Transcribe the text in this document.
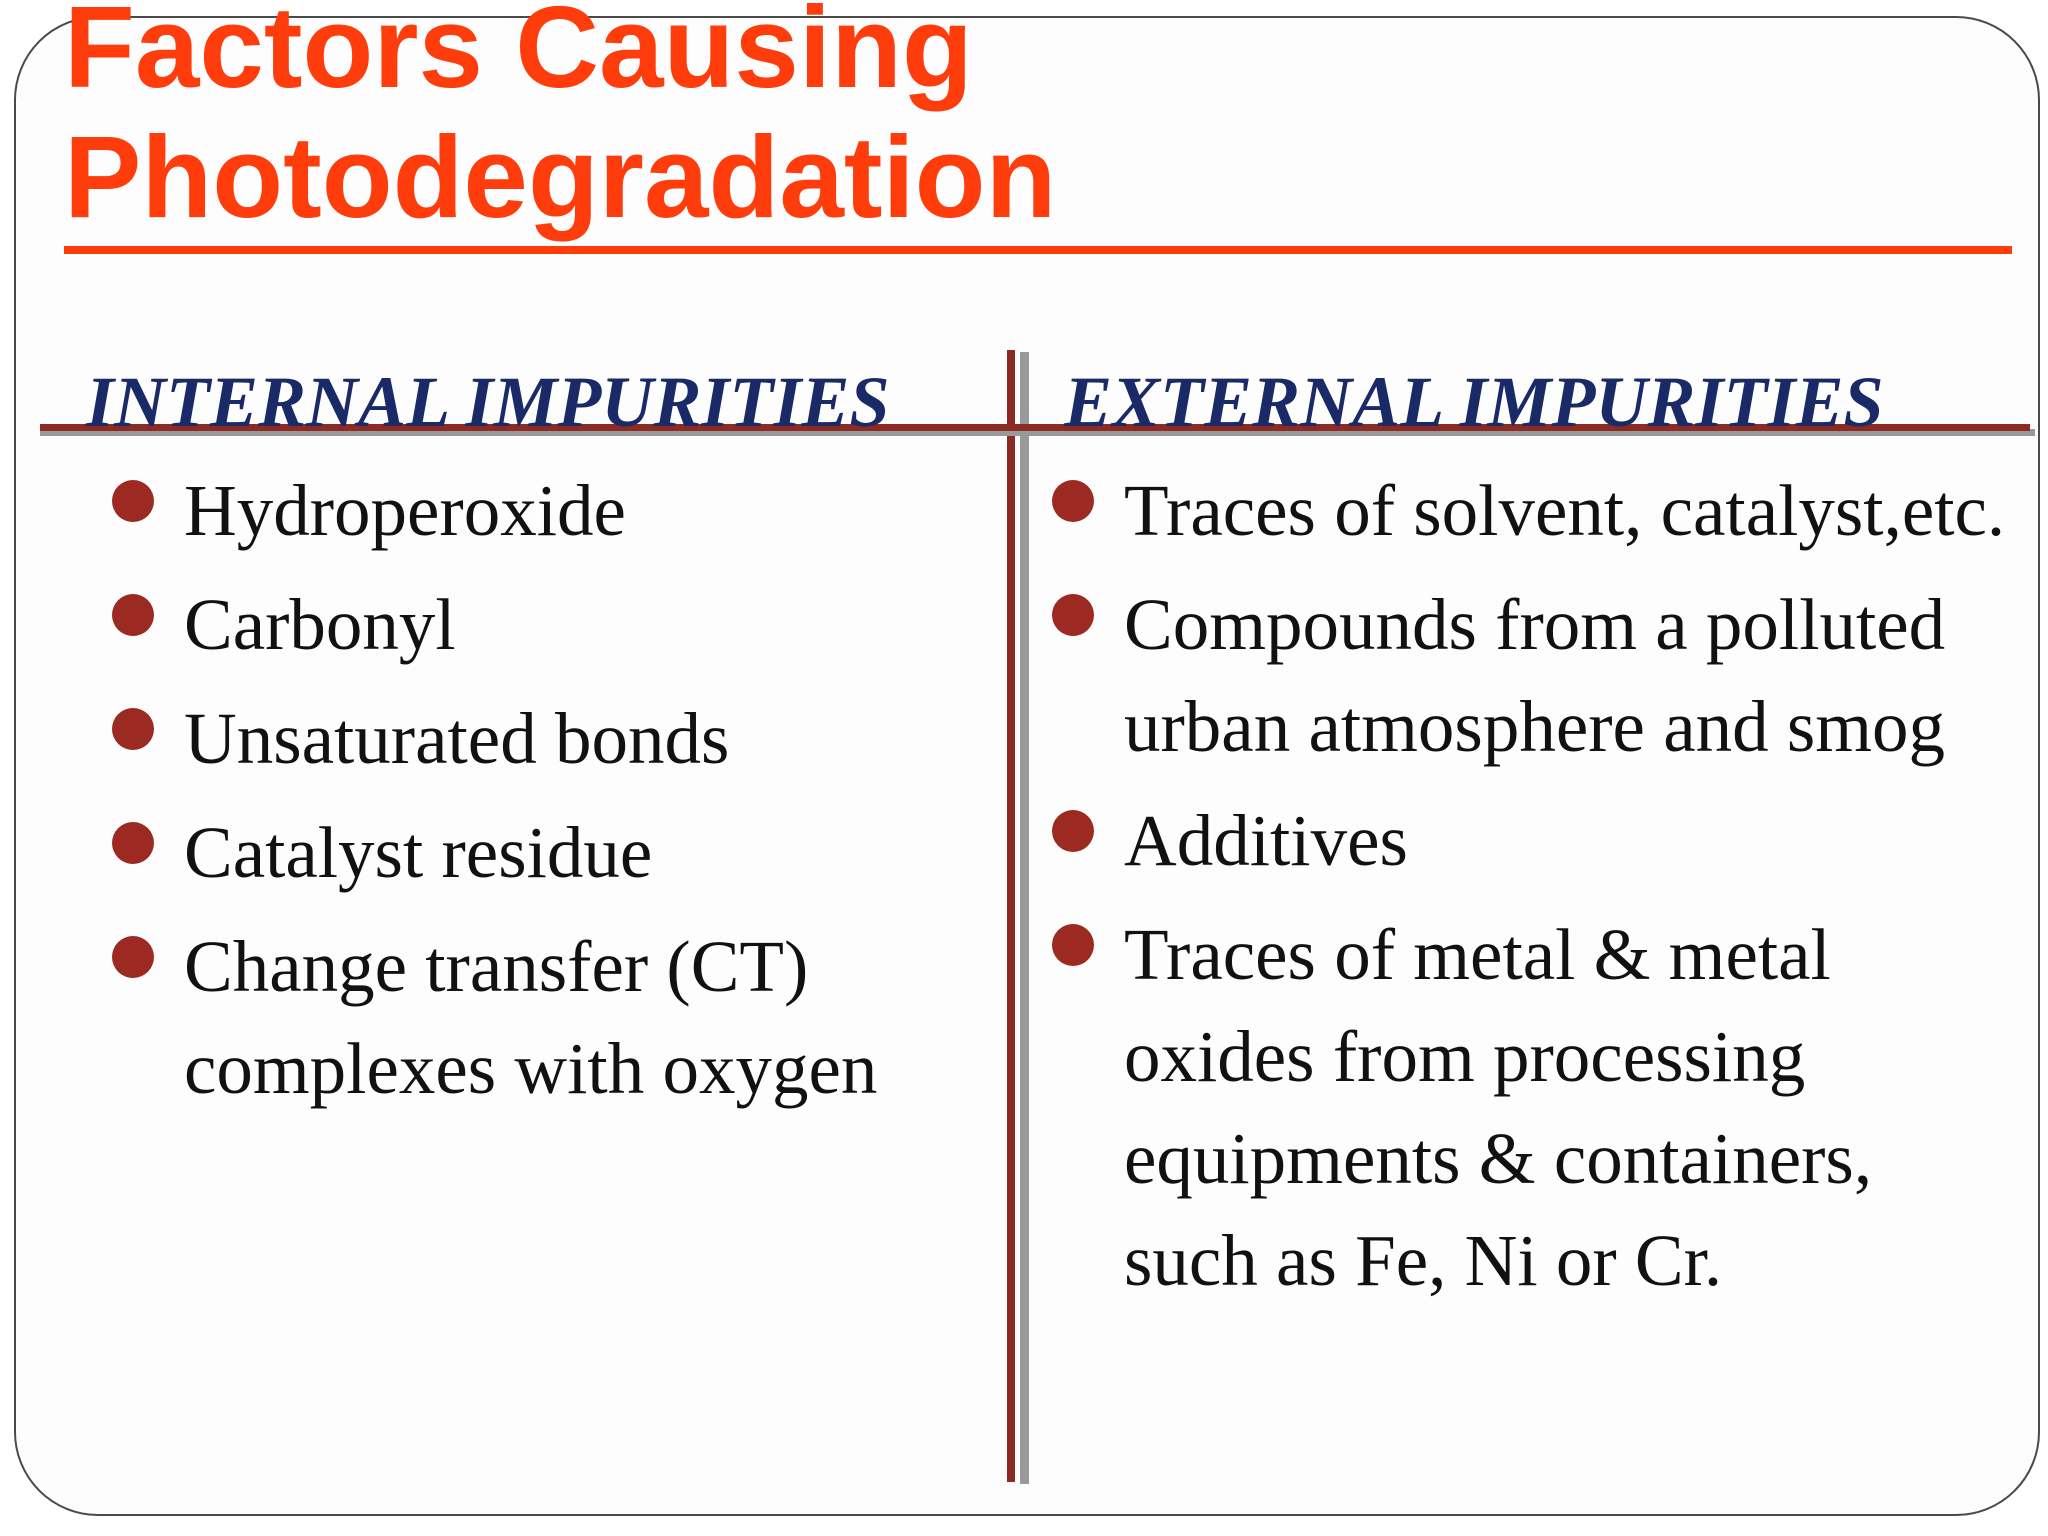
Factors Causing
Photodegradation
INTERNAL IMPURITIES EXTERNAL IMPURITIES
Hydroperoxide
Carbonyl
Unsaturated bonds
Catalyst residue
Change transfer (CT) complexes with oxygen
Traces of solvent, catalyst,etc.
Compounds from a polluted urban atmosphere and smog
Additives
Traces of metal & metal oxides from processing equipments & containers, such as Fe, Ni or Cr.
